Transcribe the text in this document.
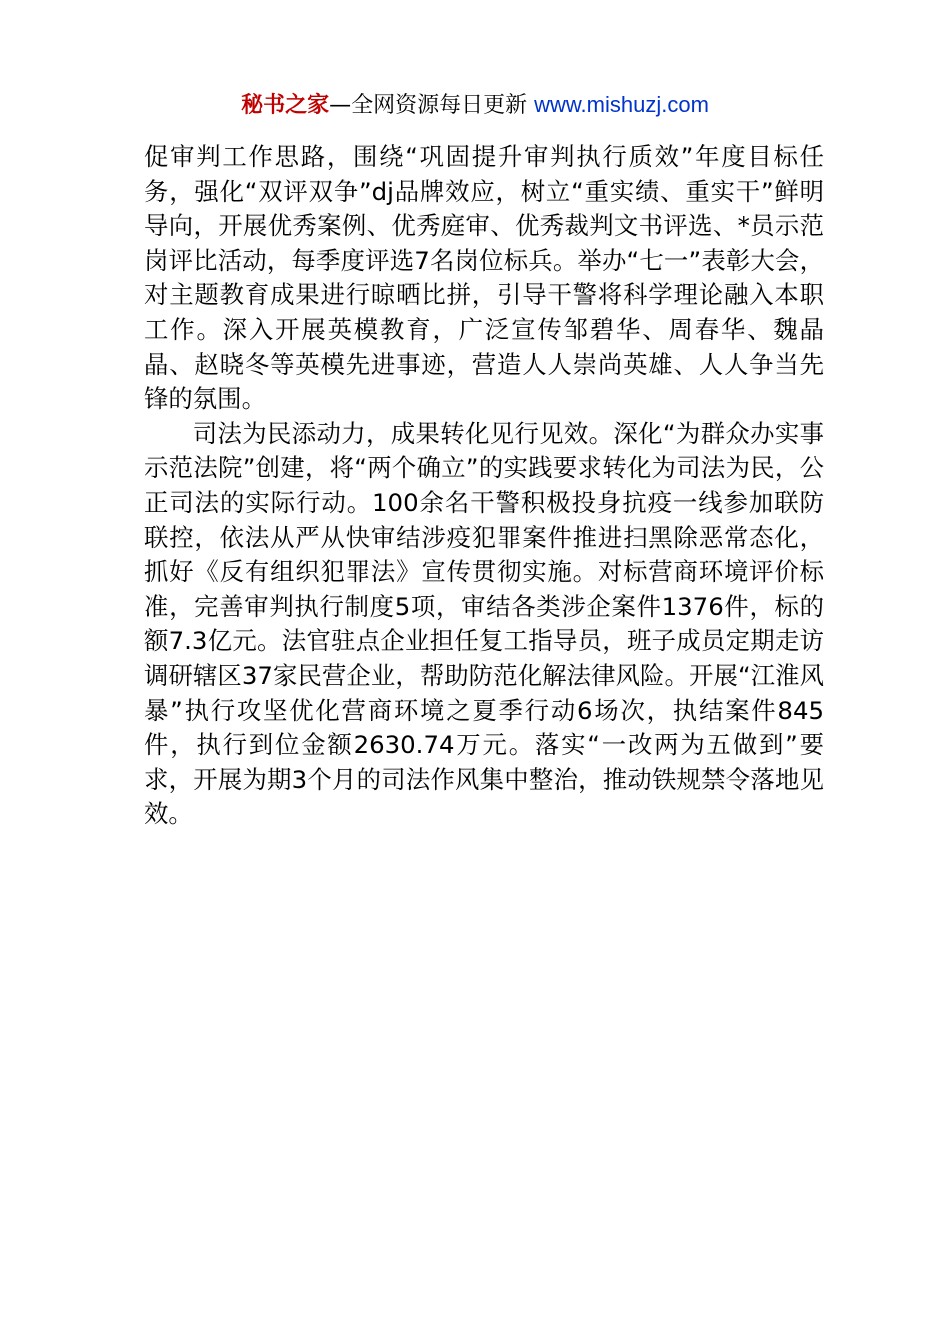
秘书之家—全网资源每日更新 www.mishuzj.com

促审判工作思路，围绕“巩固提升审判执行质效”年度目标任务，强化“双评双争”dj品牌效应，树立“重实绩、重实干”鲜明导向，开展优秀案例、优秀庭审、优秀裁判文书评选、*员示范岗评比活动，每季度评选7名岗位标兵。举办“七一”表彰大会，对主题教育成果进行晾晒比拼，引导干警将科学理论融入本职工作。深入开展英模教育，广泛宣传邹碧华、周春华、魏晶晶、赵晓冬等英模先进事迹，营造人人崇尚英雄、人人争当先锋的氛围。

司法为民添动力，成果转化见行见效。深化“为群众办实事示范法院”创建，将“两个确立”的实践要求转化为司法为民，公正司法的实际行动。100余名干警积极投身抗疫一线参加联防联控，依法从严从快审结涉疫犯罪案件推进扫黑除恶常态化，抓好《反有组织犯罪法》宣传贯彻实施。对标营商环境评价标准，完善审判执行制度5项，审结各类涉企案件1376件，标的额7.3亿元。法官驻点企业担任复工指导员，班子成员定期走访调研辖区37家民营企业，帮助防范化解法律风险。开展“江淮风暴”执行攻坚优化营商环境之夏季行动6场次，执结案件845件，执行到位金额2630.74万元。落实“一改两为五做到”要求，开展为期3个月的司法作风集中整治，推动铁规禁令落地见效。
